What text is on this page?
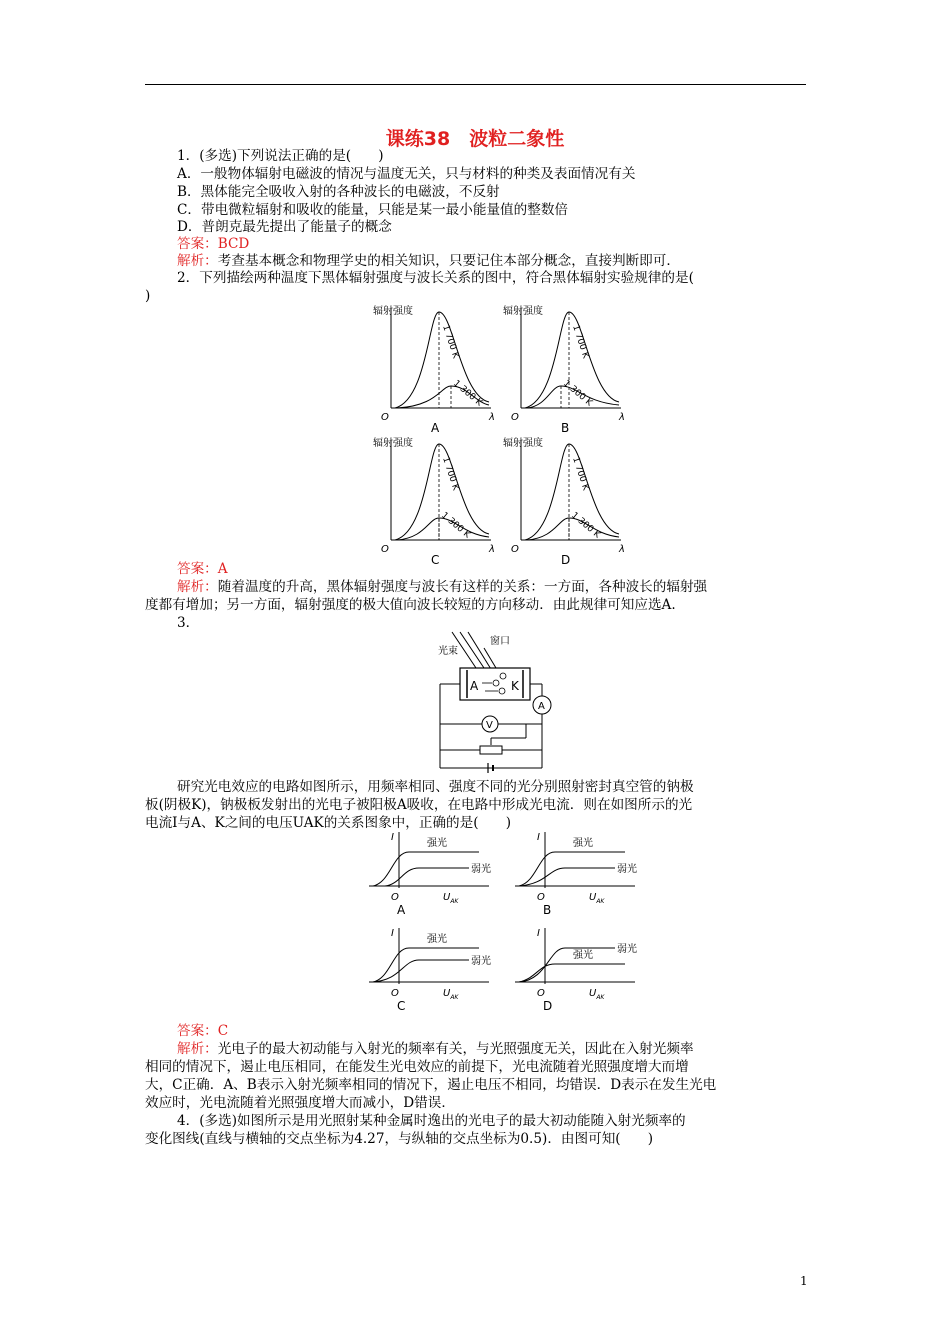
课练38　波粒二象性
1．(多选)下列说法正确的是(　　)
A．一般物体辐射电磁波的情况与温度无关，只与材料的种类及表面情况有关
B．黑体能完全吸收入射的各种波长的电磁波，不反射
C．带电微粒辐射和吸收的能量，只能是某一最小能量值的整数倍
D．普朗克最先提出了能量子的概念
答案：BCD
解析：考查基本概念和物理学史的相关知识，只要记住本部分概念，直接判断即可．
2．下列描绘两种温度下黑体辐射强度与波长关系的图中，符合黑体辐射实验规律的是(
)
辐射强度
λ
O
A
1 700 K
1 300 K
辐射强度
λ
O
B
1 700 K
1 300 K
辐射强度
λ
O
C
1 700 K
1 300 K
辐射强度
λ
O
D
1 700 K
1 300 K
答案：A
解析：随着温度的升高，黑体辐射强度与波长有这样的关系：一方面，各种波长的辐射强
度都有增加；另一方面，辐射强度的极大值向波长较短的方向移动．由此规律可知应选A.
3．
光束
窗口
A	K
A
V
研究光电效应的电路如图所示，用频率相同、强度不同的光分别照射密封真空管的钠极
板(阴极K)，钠极板发射出的光电子被阳极A吸收，在电路中形成光电流．则在如图所示的光
电流Ⅰ与A、K之间的电压UAK的关系图象中，正确的是(　　)
I
$U_{AK}$
O
A
强光
弱光
I
$U_{AK}$
O
B
强光
弱光
I
$U_{AK}$
O
C
强光
弱光
I
$U_{AK}$
O
D
强光
弱光
答案：C
解析：光电子的最大初动能与入射光的频率有关，与光照强度无关，因此在入射光频率
相同的情况下，遏止电压相同，在能发生光电效应的前提下，光电流随着光照强度增大而增
大，C正确．A、B表示入射光频率相同的情况下，遏止电压不相同，均错误．D表示在发生光电
效应时，光电流随着光照强度增大而减小，D错误．
4．(多选)如图所示是用光照射某种金属时逸出的光电子的最大初动能随入射光频率的
变化图线(直线与横轴的交点坐标为4.27，与纵轴的交点坐标为0.5)．由图可知(　　)
1
